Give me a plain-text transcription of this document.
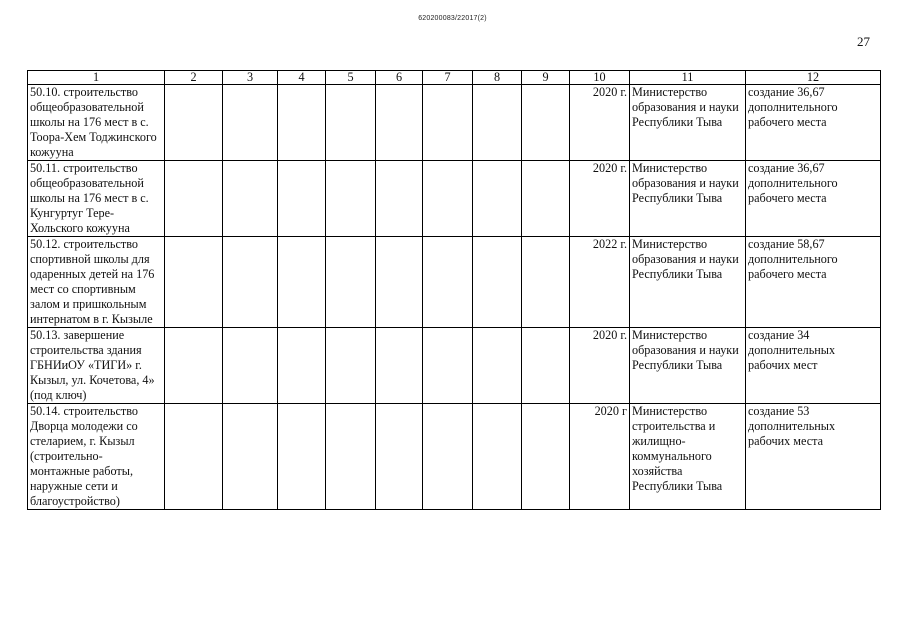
620200083/22017(2)
27
1	2	3	4	5	6	7	8	9	10	11	12
50.10. строительство общеобразовательной школы на 176 мест в с. Тоора-Хем Тоджинского кожууна									2020 г.	Министерство образования и науки Республики Тыва	создание 36,67 дополнительного рабочего места
50.11. строительство общеобразовательной школы на 176 мест в с. Кунгуртуг Тере-Хольского кожууна									2020 г.	Министерство образования и науки Республики Тыва	создание 36,67 дополнительного рабочего места
50.12. строительство спортивной школы для одаренных детей на 176 мест со спортивным залом и пришкольным интернатом в г. Кызыле									2022 г.	Министерство образования и науки Республики Тыва	создание 58,67 дополнительного рабочего места
50.13. завершение строительства здания ГБНИиОУ «ТИГИ» г. Кызыл, ул. Кочетова, 4» (под ключ)									2020 г.	Министерство образования и науки Республики Тыва	создание 34 дополнительных рабочих мест
50.14. строительство Дворца молодежи со стеларием, г. Кызыл (строительно-монтажные работы, наружные сети и благоустройство)									2020 г	Министерство строительства и жилищно-коммунального хозяйства Республики Тыва	создание 53 дополнительных рабочих места
